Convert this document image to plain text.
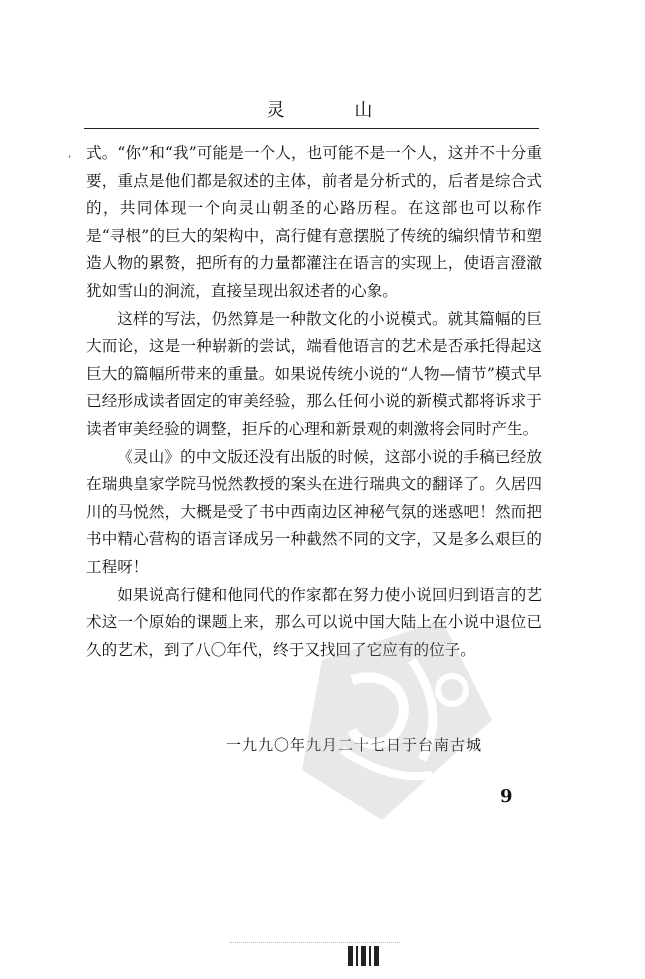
灵 山
’ 式。“你”和“我”可能是一个人，也可能不是一个人，这并不十分重要，重点是他们都是叙述的主体，前者是分析式的，后者是综合式的，共同体现一个向灵山朝圣的心路历程。在这部也可以称作是“寻根”的巨大的架构中，高行健有意摆脱了传统的编织情节和塑造人物的累赘，把所有的力量都灌注在语言的实现上，使语言澄澈犹如雪山的涧流，直接呈现出叙述者的心象。

这样的写法，仍然算是一种散文化的小说模式。就其篇幅的巨大而论，这是一种崭新的尝试，端看他语言的艺术是否承托得起这巨大的篇幅所带来的重量。如果说传统小说的“人物—情节”模式早已经形成读者固定的审美经验，那么任何小说的新模式都将诉求于读者审美经验的调整，拒斥的心理和新景观的刺激将会同时产生。

《灵山》的中文版还没有出版的时候，这部小说的手稿已经放在瑞典皇家学院马悦然教授的案头在进行瑞典文的翻译了。久居四川的马悦然，大概是受了书中西南边区神秘气氛的迷惑吧！然而把书中精心营构的语言译成另一种截然不同的文字，又是多么艰巨的工程呀！

如果说高行健和他同代的作家都在努力使小说回归到语言的艺术这一个原始的课题上来，那么可以说中国大陆上在小说中退位已久的艺术，到了八〇年代，终于又找回了它应有的位子。

一九九〇年九月二十七日于台南古城
9
